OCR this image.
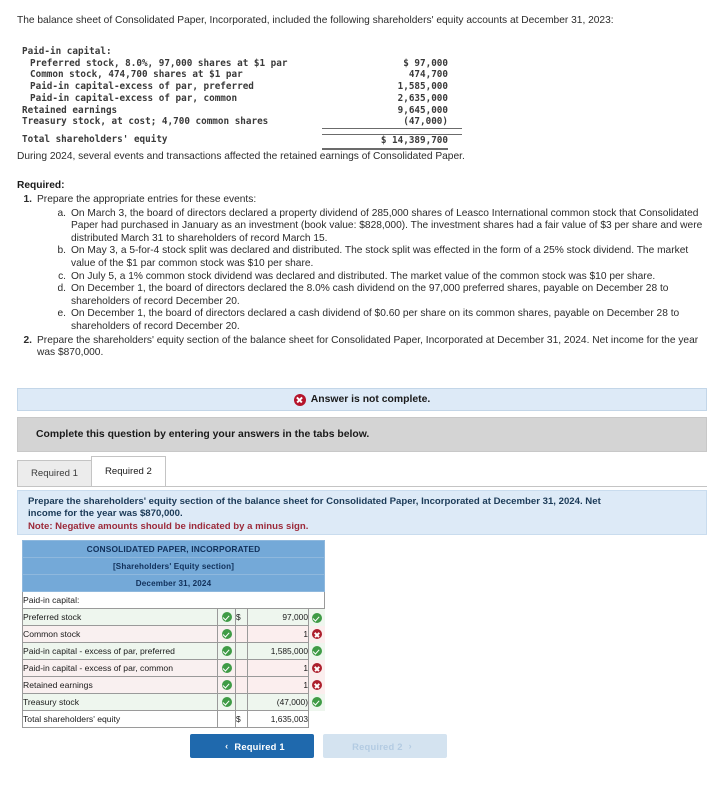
The balance sheet of Consolidated Paper, Incorporated, included the following shareholders' equity accounts at December 31, 2023:
Paid-in capital:
Preferred stock, 8.0%, 97,000 shares at $1 par	$ 97,000
Common stock, 474,700 shares at $1 par	474,700
Paid-in capital-excess of par, preferred	1,585,000
Paid-in capital-excess of par, common	2,635,000
Retained earnings	9,645,000
Treasury stock, at cost; 4,700 common shares	(47,000)
Total shareholders' equity	$ 14,389,700
During 2024, several events and transactions affected the retained earnings of Consolidated Paper.
Required:
1. Prepare the appropriate entries for these events:
a. On March 3, the board of directors declared a property dividend of 285,000 shares of Leasco International common stock that Consolidated Paper had purchased in January as an investment (book value: $828,000). The investment shares had a fair value of $3 per share and were distributed March 31 to shareholders of record March 15.
b. On May 3, a 5-for-4 stock split was declared and distributed. The stock split was effected in the form of a 25% stock dividend. The market value of the $1 par common stock was $10 per share.
c. On July 5, a 1% common stock dividend was declared and distributed. The market value of the common stock was $10 per share.
d. On December 1, the board of directors declared the 8.0% cash dividend on the 97,000 preferred shares, payable on December 28 to shareholders of record December 20.
e. On December 1, the board of directors declared a cash dividend of $0.60 per share on its common shares, payable on December 28 to shareholders of record December 20.
2. Prepare the shareholders' equity section of the balance sheet for Consolidated Paper, Incorporated at December 31, 2024. Net income for the year was $870,000.
Answer is not complete.
Complete this question by entering your answers in the tabs below.
Required 1	Required 2
Prepare the shareholders' equity section of the balance sheet for Consolidated Paper, Incorporated at December 31, 2024. Net
income for the year was $870,000.
Note: Negative amounts should be indicated by a minus sign.
CONSOLIDATED PAPER, INCORPORATED				
[Shareholders' Equity section]				
December 31, 2024				
Paid-in capital:				
Preferred stock		$	97,000	
Common stock			1	
Paid-in capital - excess of par, preferred			1,585,000	
Paid-in capital - excess of par, common			1	
Retained earnings			1	
Treasury stock			(47,000)	
Total shareholders' equity		$	1,635,003	
‹ Required 1	Required 2 ›
